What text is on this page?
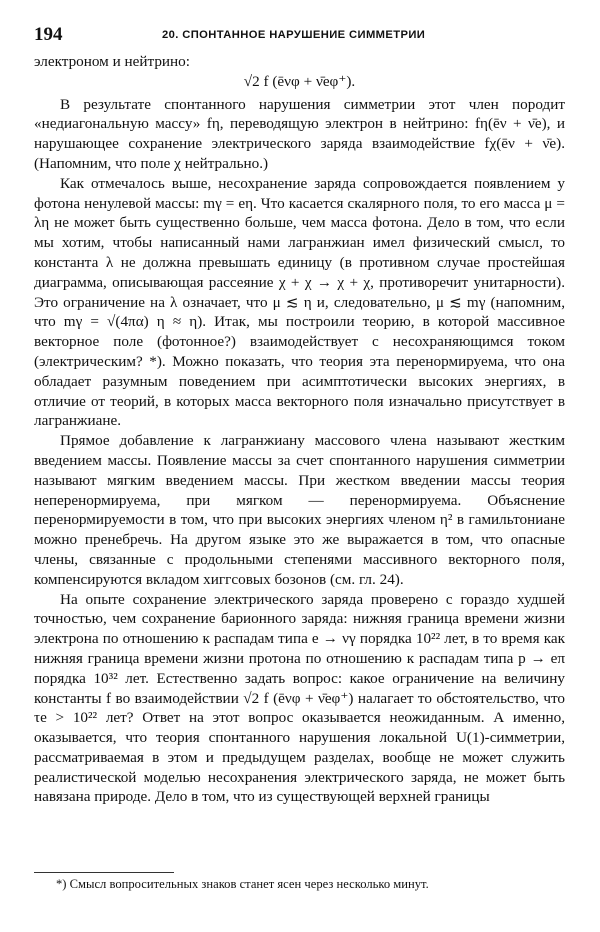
194	20. СПОНТАННОЕ НАРУШЕНИЕ СИММЕТРИИ

электроном и нейтрино:

√2 f (ēνφ + ν̄eφ⁺).

В результате спонтанного нарушения симметрии этот член породит «недиагональную массу» fη, переводящую электрон в нейтрино: fη(ēν + ν̄e), и нарушающее сохранение электрического заряда взаимодействие fχ(ēν + ν̄e). (Напомним, что поле χ нейтрально.)

Как отмечалось выше, несохранение заряда сопровождается появлением у фотона ненулевой массы: mγ = eη. Что касается скалярного поля, то его масса μ = λη не может быть существенно больше, чем масса фотона. Дело в том, что если мы хотим, чтобы написанный нами лагранжиан имел физический смысл, то константа λ не должна превышать единицу (в противном случае простейшая диаграмма, описывающая рассеяние χ + χ → χ + χ, противоречит унитарности). Это ограничение на λ означает, что μ ≲ η и, следовательно, μ ≲ mγ (напомним, что mγ = √(4πα) η ≈ η). Итак, мы построили теорию, в которой массивное векторное поле (фотонное?) взаимодействует с несохраняющимся током (электрическим? *). Можно показать, что теория эта перенормируема, что она обладает разумным поведением при асимптотически высоких энергиях, в отличие от теорий, в которых масса векторного поля изначально присутствует в лагранжиане.

Прямое добавление к лагранжиану массового члена называют жестким введением массы. Появление массы за счет спонтанного нарушения симметрии называют мягким введением массы. При жестком введении массы теория неперенормируема, при мягком — перенормируема. Объяснение перенормируемости в том, что при высоких энергиях членом η² в гамильтониане можно пренебречь. На другом языке это же выражается в том, что опасные члены, связанные с продольными степенями массивного векторного поля, компенсируются вкладом хиггсовых бозонов (см. гл. 24).

На опыте сохранение электрического заряда проверено с гораздо худшей точностью, чем сохранение барионного заряда: нижняя граница времени жизни электрона по отношению к распадам типа e → νγ порядка 10²² лет, в то время как нижняя граница времени жизни протона по отношению к распадам типа p → eπ порядка 10³² лет. Естественно задать вопрос: какое ограничение на величину константы f во взаимодействии √2 f (ēνφ + ν̄eφ⁺) налагает то обстоятельство, что τe > 10²² лет? Ответ на этот вопрос оказывается неожиданным. А именно, оказывается, что теория спонтанного нарушения локальной U(1)-симметрии, рассматриваемая в этом и предыдущем разделах, вообще не может служить реалистической моделью несохранения электрического заряда, не может быть навязана природе. Дело в том, что из существующей верхней границы

*) Смысл вопросительных знаков станет ясен через несколько минут.
